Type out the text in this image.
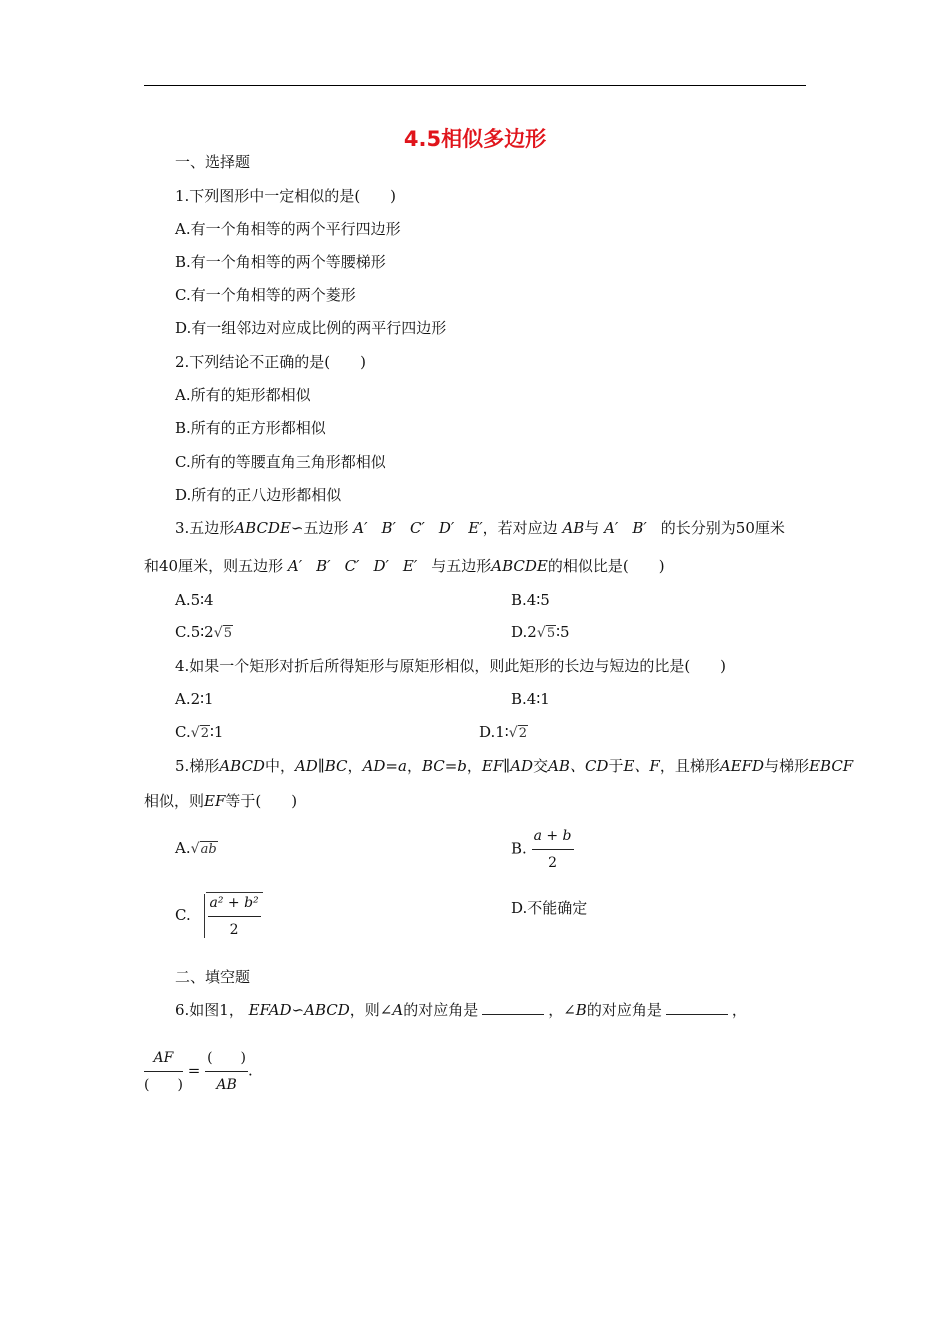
4.5相似多边形
一、选择题
1.下列图形中一定相似的是(　　)
A.有一个角相等的两个平行四边形
B.有一个角相等的两个等腰梯形
C.有一个角相等的两个菱形
D.有一组邻边对应成比例的两平行四边形
2.下列结论不正确的是(　　)
A.所有的矩形都相似
B.所有的正方形都相似
C.所有的等腰直角三角形都相似
D.所有的正八边形都相似
3.五边形ABCDE∽五边形 A′ B′ C′ D′ E′，若对应边 AB与 A′ B′ 的长分别为50厘米
和40厘米，则五边形 A′ B′ C′ D′ E′ 与五边形ABCDE的相似比是(　　)
A.5∶4	B.4∶5
C.5∶2 √ 5	D.2 √ 5∶5
4.如果一个矩形对折后所得矩形与原矩形相似，则此矩形的长边与短边的比是(　　)
A.2∶1	B.4∶1
C. √ 2∶1	D.1∶ √ 2
5.梯形ABCD中，AD∥BC，AD=a，BC=b，EF∥AD交AB、CD于E、F，且梯形AEFD与梯形EBCF
相似，则EF等于(　　)
A. √ ab	B. $\frac{a + b}{2}$
C. $\frac{\text{a² + b²}}{2}$	D.不能确定
二、填空题
6.如图1， EFAD∽ABCD，则∠A的对应角是	，∠B的对应角是	，
$\frac{AF}{( )} = \frac{( )}{AB}$ .
